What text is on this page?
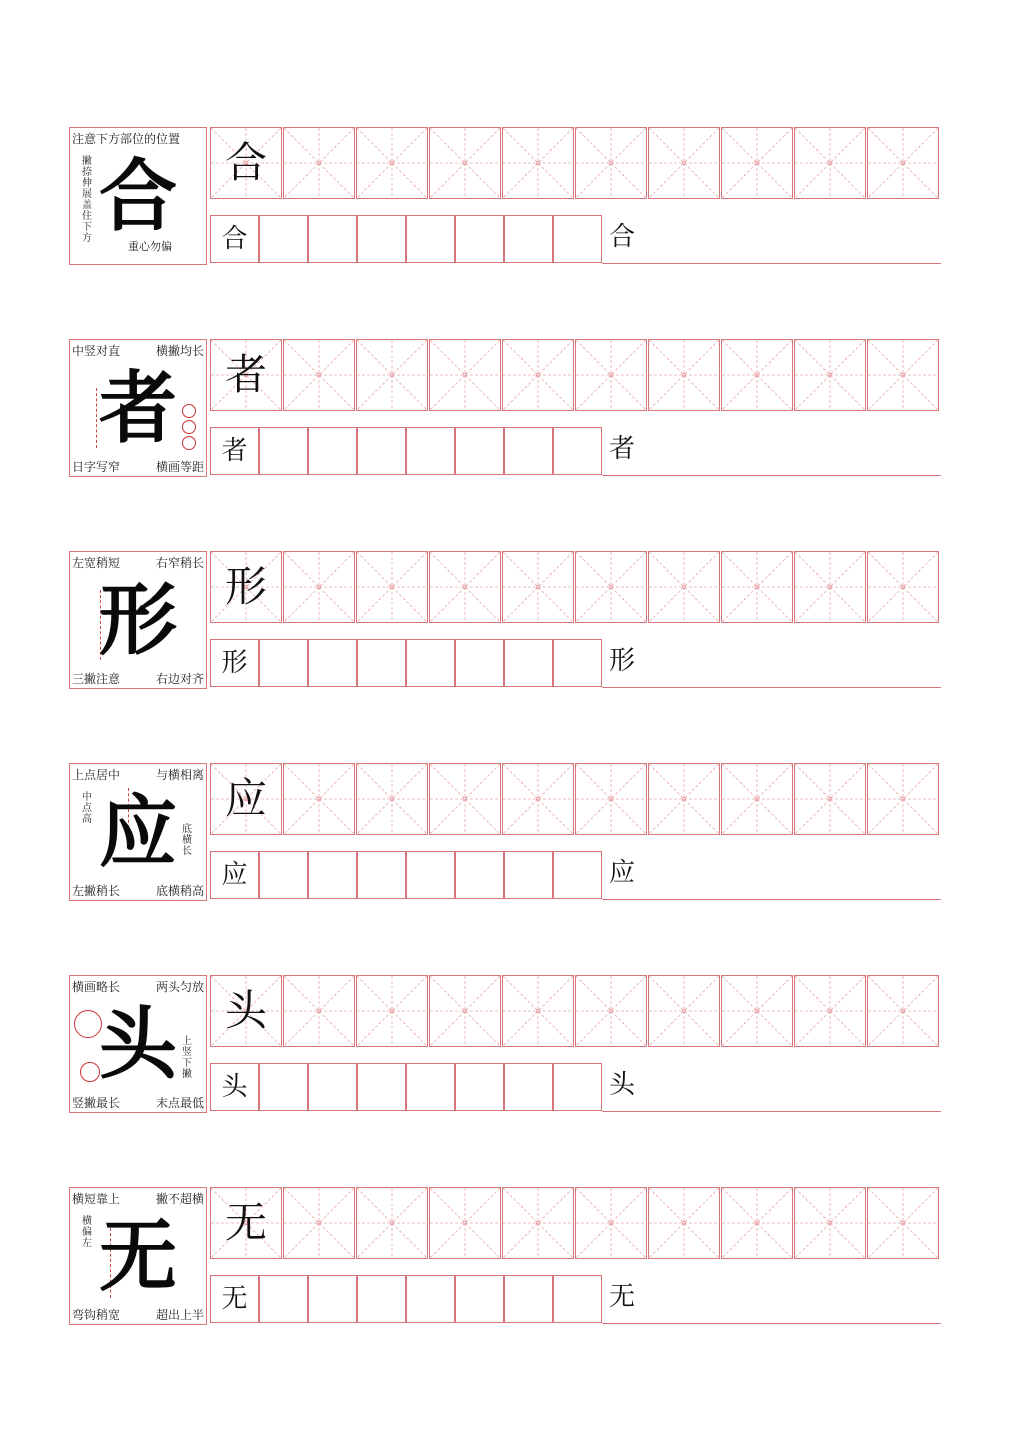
注意下方部位的位置
撇捺伸展盖住下方
重心勿偏
合	合
合	合
中竖对直	横撇均长
日字写窄	横画等距
者	者
者	者
左宽稍短	右窄稍长
三撇注意	右边对齐
形	形
形	形
上点居中	与横相离
左撇稍长	底横稍高
中点高
底横长
应	应
应	应
横画略长	两头匀放
竖撇最长	末点最低
上竖下撇
头	头
头	头
横短靠上	撇不超横
弯钩稍宽	超出上半
横偏左 无	无
无	无
